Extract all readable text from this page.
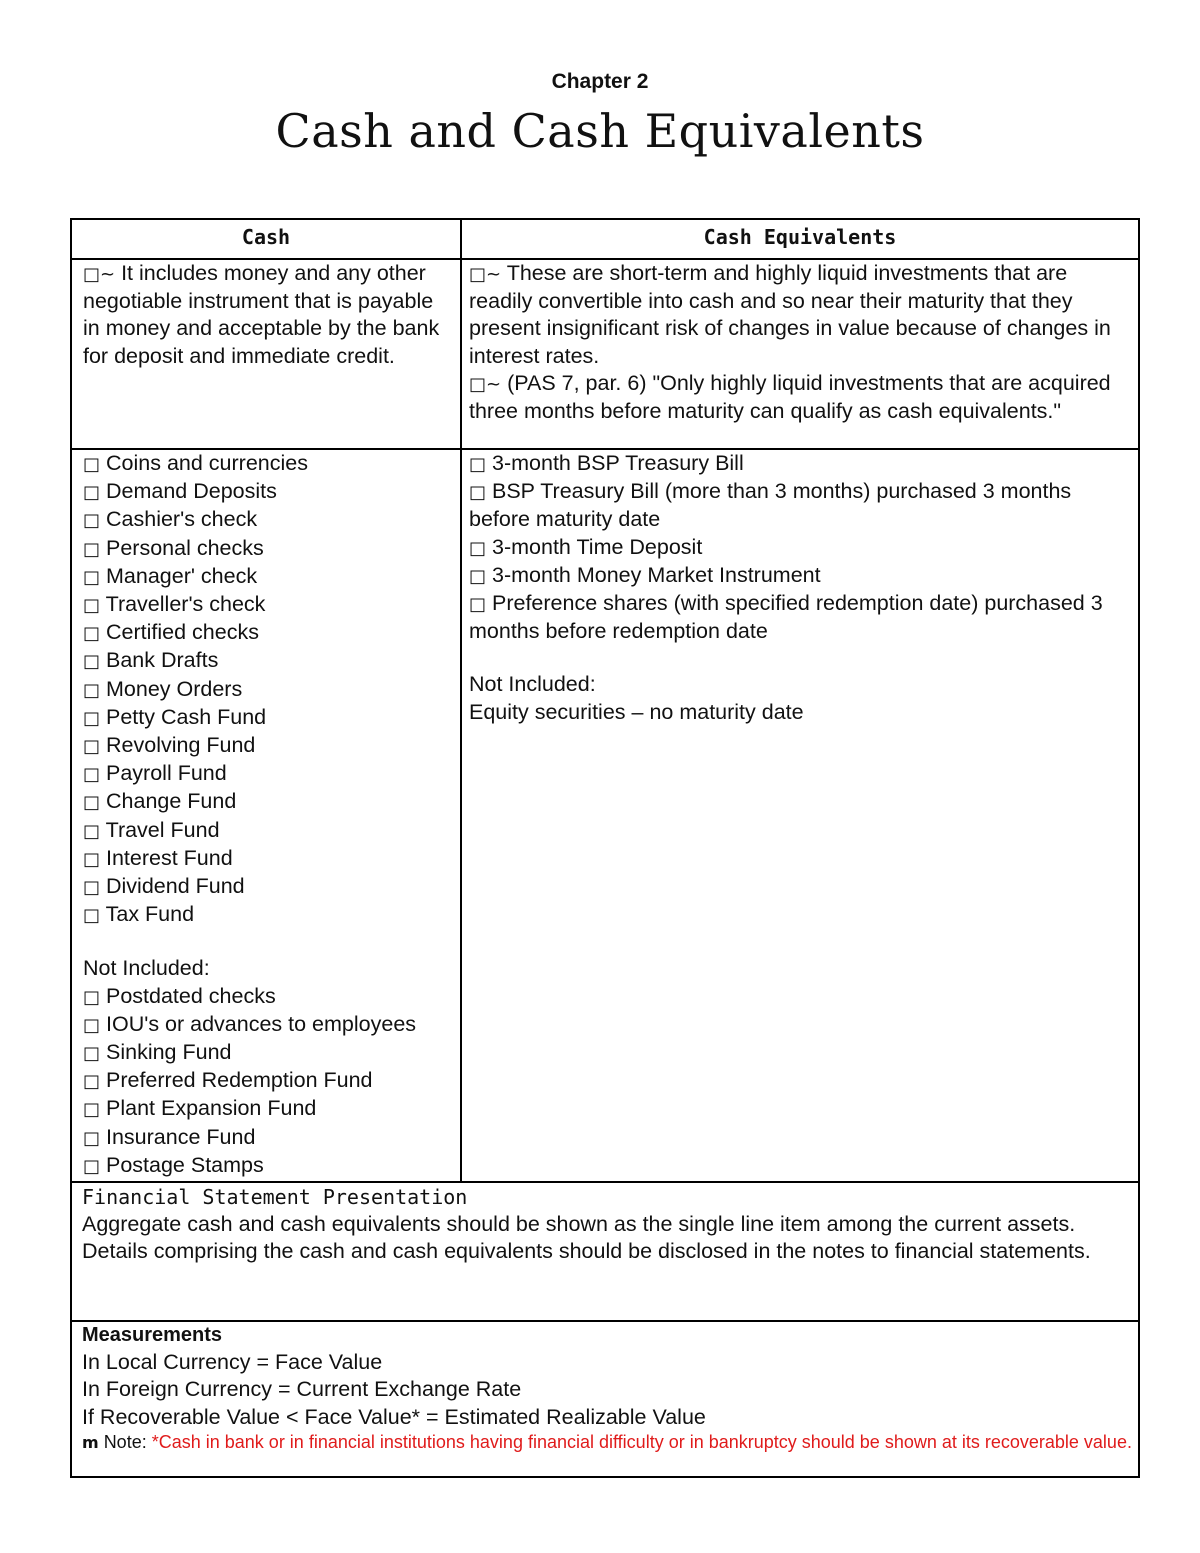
Chapter 2
Cash and Cash Equivalents
Cash	Cash Equivalents
□~ It includes money and any other negotiable instrument that is payable in money and acceptable by the bank for deposit and immediate credit.
□~ These are short-term and highly liquid investments that are readily convertible into cash and so near their maturity that they present insignificant risk of changes in value because of changes in interest rates.
□~ (PAS 7, par. 6) "Only highly liquid investments that are acquired three months before maturity can qualify as cash equivalents."
□ Coins and currencies
□ Demand Deposits
□ Cashier's check
□ Personal checks
□ Manager' check
□ Traveller's check
□ Certified checks
□ Bank Drafts
□ Money Orders
□ Petty Cash Fund
□ Revolving Fund
□ Payroll Fund
□ Change Fund
□ Travel Fund
□ Interest Fund
□ Dividend Fund
□ Tax Fund
Not Included:
□ Postdated checks
□ IOU's or advances to employees
□ Sinking Fund
□ Preferred Redemption Fund
□ Plant Expansion Fund
□ Insurance Fund
□ Postage Stamps
□ 3-month BSP Treasury Bill
□ BSP Treasury Bill (more than 3 months) purchased 3 months before maturity date
□ 3-month Time Deposit
□ 3-month Money Market Instrument
□ Preference shares (with specified redemption date) purchased 3 months before redemption date
Not Included:
Equity securities – no maturity date
Financial Statement Presentation
Aggregate cash and cash equivalents should be shown as the single line item among the current assets. Details comprising the cash and cash equivalents should be disclosed in the notes to financial statements.
Measurements
In Local Currency = Face Value
In Foreign Currency = Current Exchange Rate
If Recoverable Value < Face Value* = Estimated Realizable Value
m Note: *Cash in bank or in financial institutions having financial difficulty or in bankruptcy should be shown at its recoverable value.
